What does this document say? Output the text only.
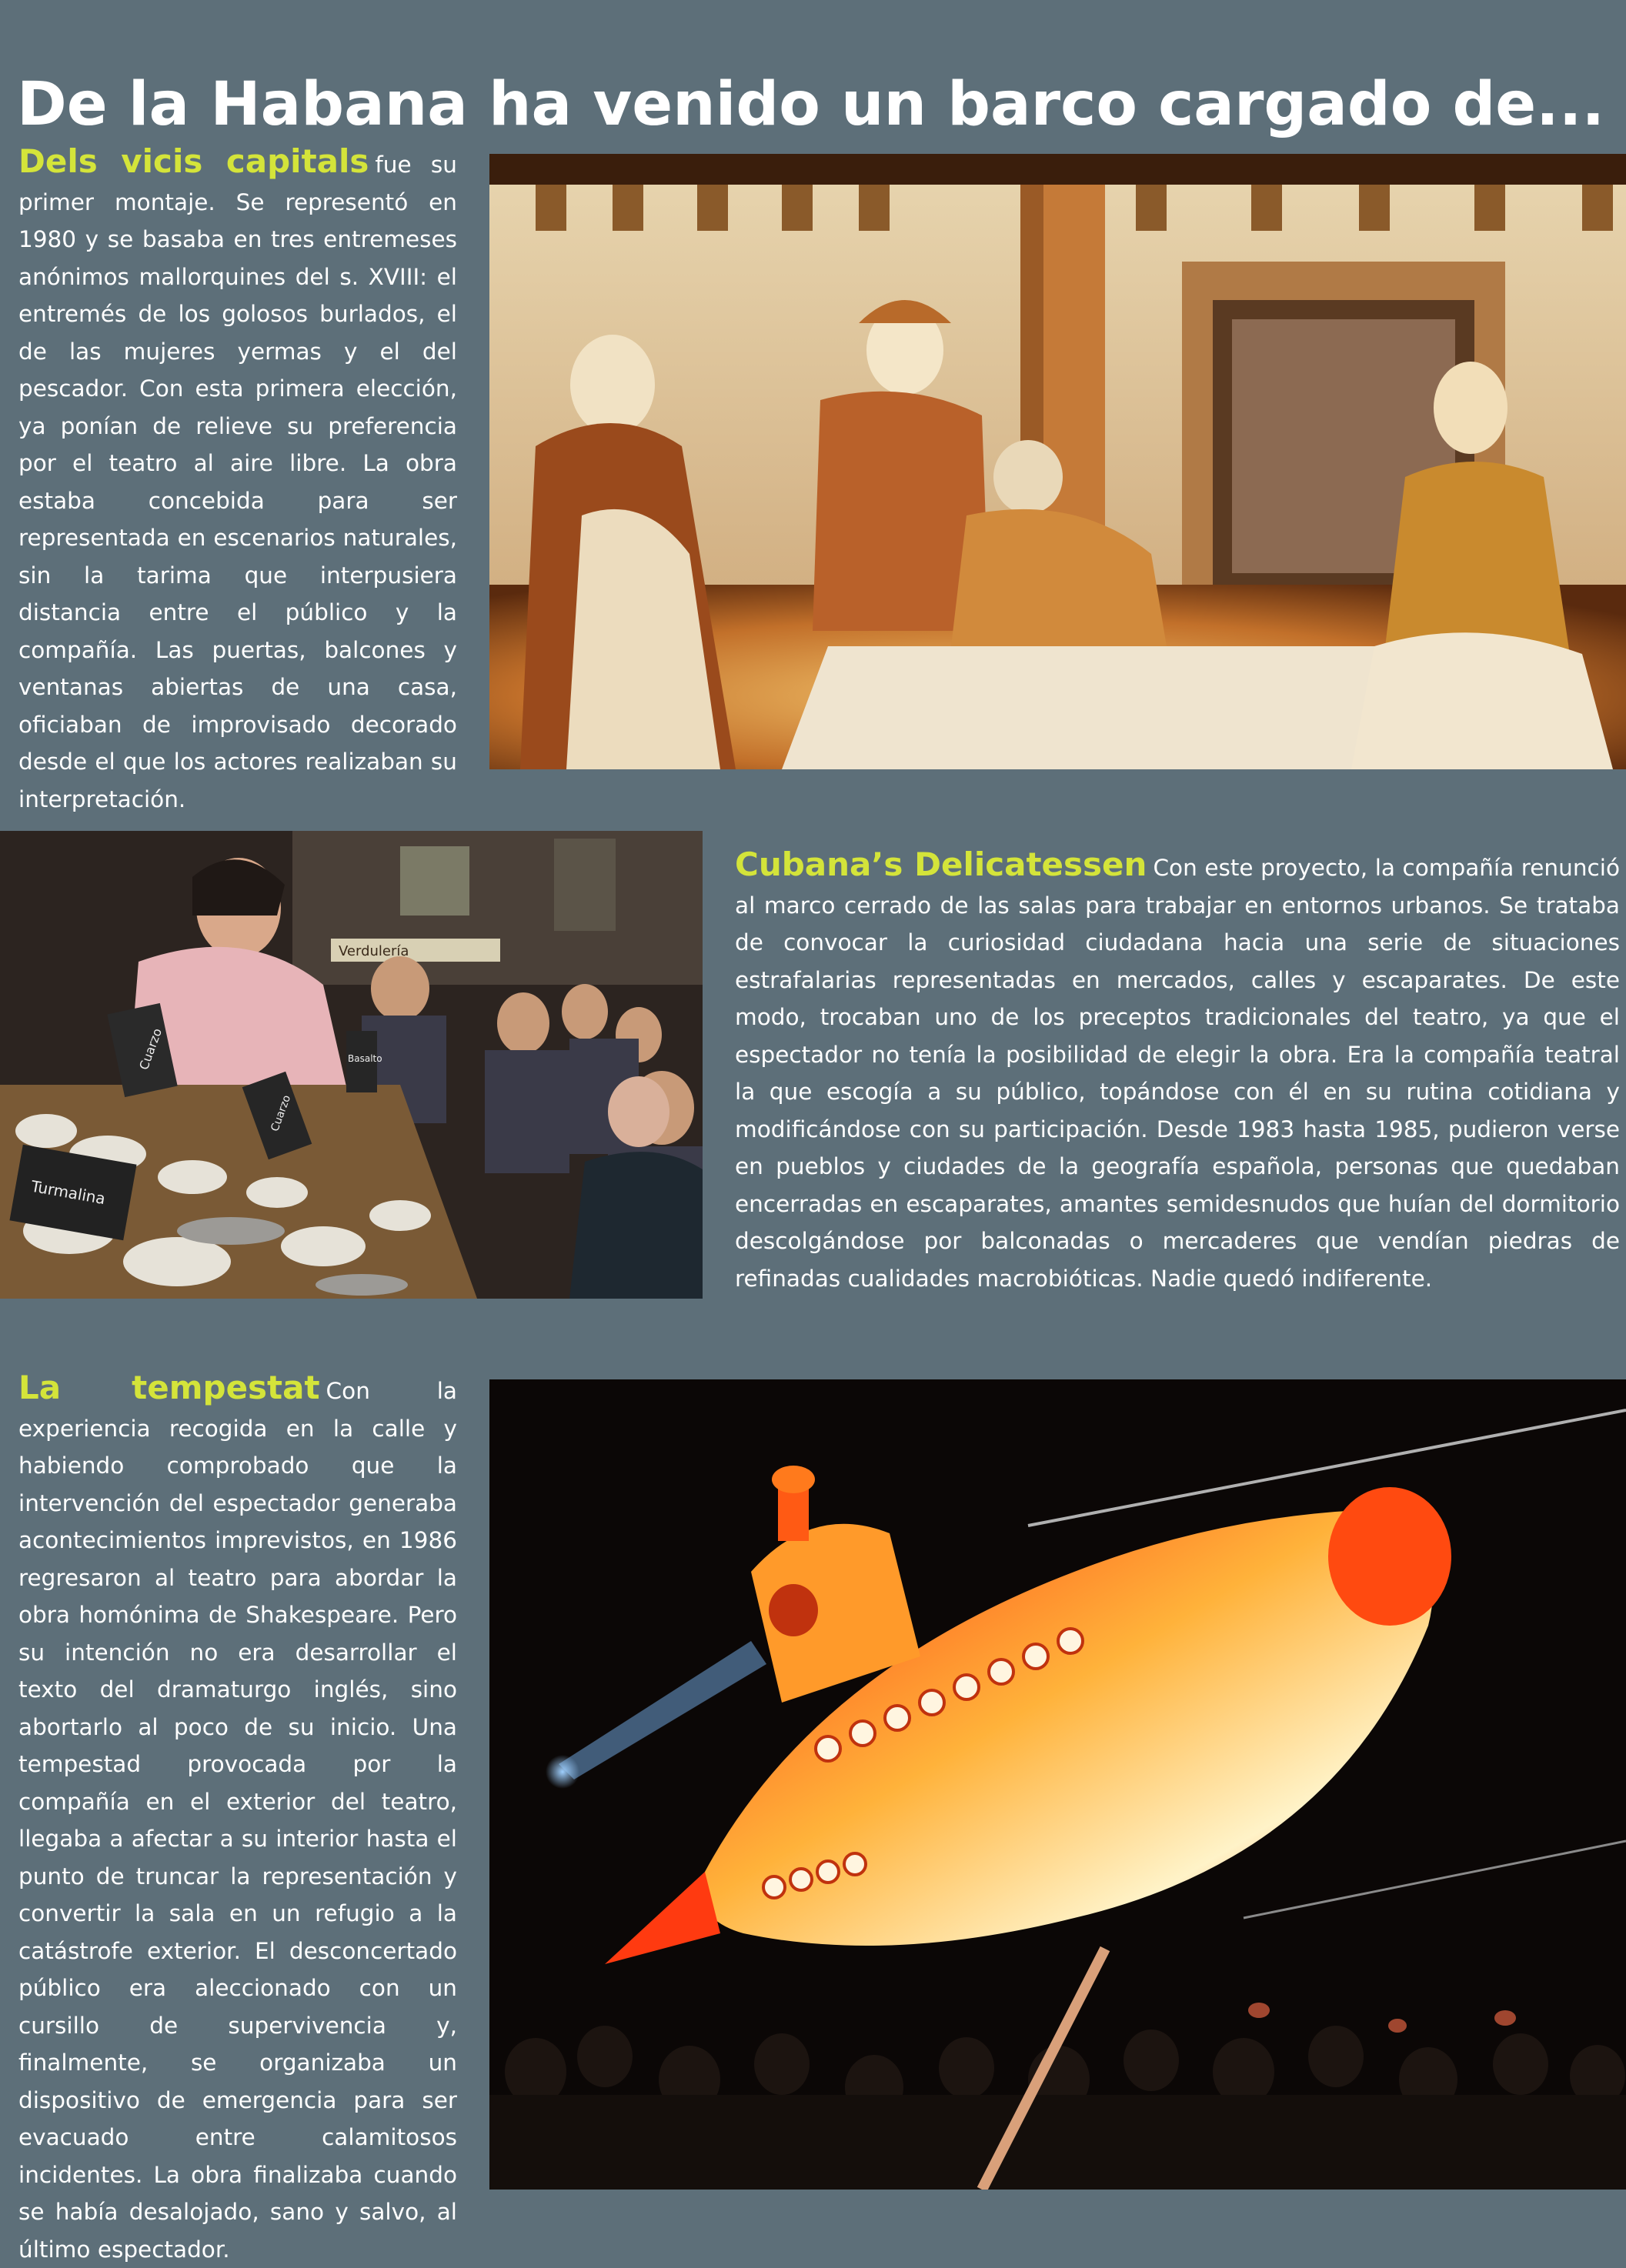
De la Habana ha venido un barco cargado de...
Dels vicis capitals fue su primer montaje. Se representó en 1980 y se basaba en tres entremeses anónimos mallorquines del s. XVIII: el entremés de los golosos burlados, el de las mujeres yermas y el del pescador. Con esta primera elección, ya ponían de relieve su preferencia por el teatro al aire libre. La obra estaba concebida para ser representada en escenarios naturales, sin la tarima que interpusiera distancia entre el público y la compañía. Las puertas, balcones y ventanas abiertas de una casa, oficiaban de improvisado decorado desde el que los actores realizaban su interpretación.
Verdulería
Cuarzo
Turmalina
Cuarzo
Basalto
Cubana’s Delicatessen Con este proyecto, la compañía renunció al marco cerrado de las salas para trabajar en entornos urbanos. Se trataba de convocar la curiosidad ciudadana hacia una serie de situaciones estrafalarias representadas en mercados, calles y escaparates. De este modo, trocaban uno de los preceptos tradicionales del teatro, ya que el espectador no tenía la posibilidad de elegir la obra. Era la compañía teatral la que escogía a su público, topándose con él en su rutina cotidiana y modificándose con su participación. Desde 1983 hasta 1985, pudieron verse en pueblos y ciudades de la geografía española, personas que quedaban encerradas en escaparates, amantes semidesnudos que huían del dormitorio descolgándose por balconadas o mercaderes que vendían piedras de refinadas cualidades macrobióticas. Nadie quedó indiferente.
La tempestat Con la experiencia recogida en la calle y habiendo comprobado que la intervención del espectador generaba acontecimientos imprevistos, en 1986 regresaron al teatro para abordar la obra homónima de Shakespeare. Pero su intención no era desarrollar el texto del dramaturgo inglés, sino abortarlo al poco de su inicio. Una tempestad provocada por la compañía en el exterior del teatro, llegaba a afectar a su interior hasta el punto de truncar la representación y convertir la sala en un refugio a la catástrofe exterior. El desconcertado público era aleccionado con un cursillo de supervivencia y, finalmente, se organizaba un dispositivo de emergencia para ser evacuado entre calamitosos incidentes. La obra finalizaba cuando se había desalojado, sano y salvo, al último espectador.
